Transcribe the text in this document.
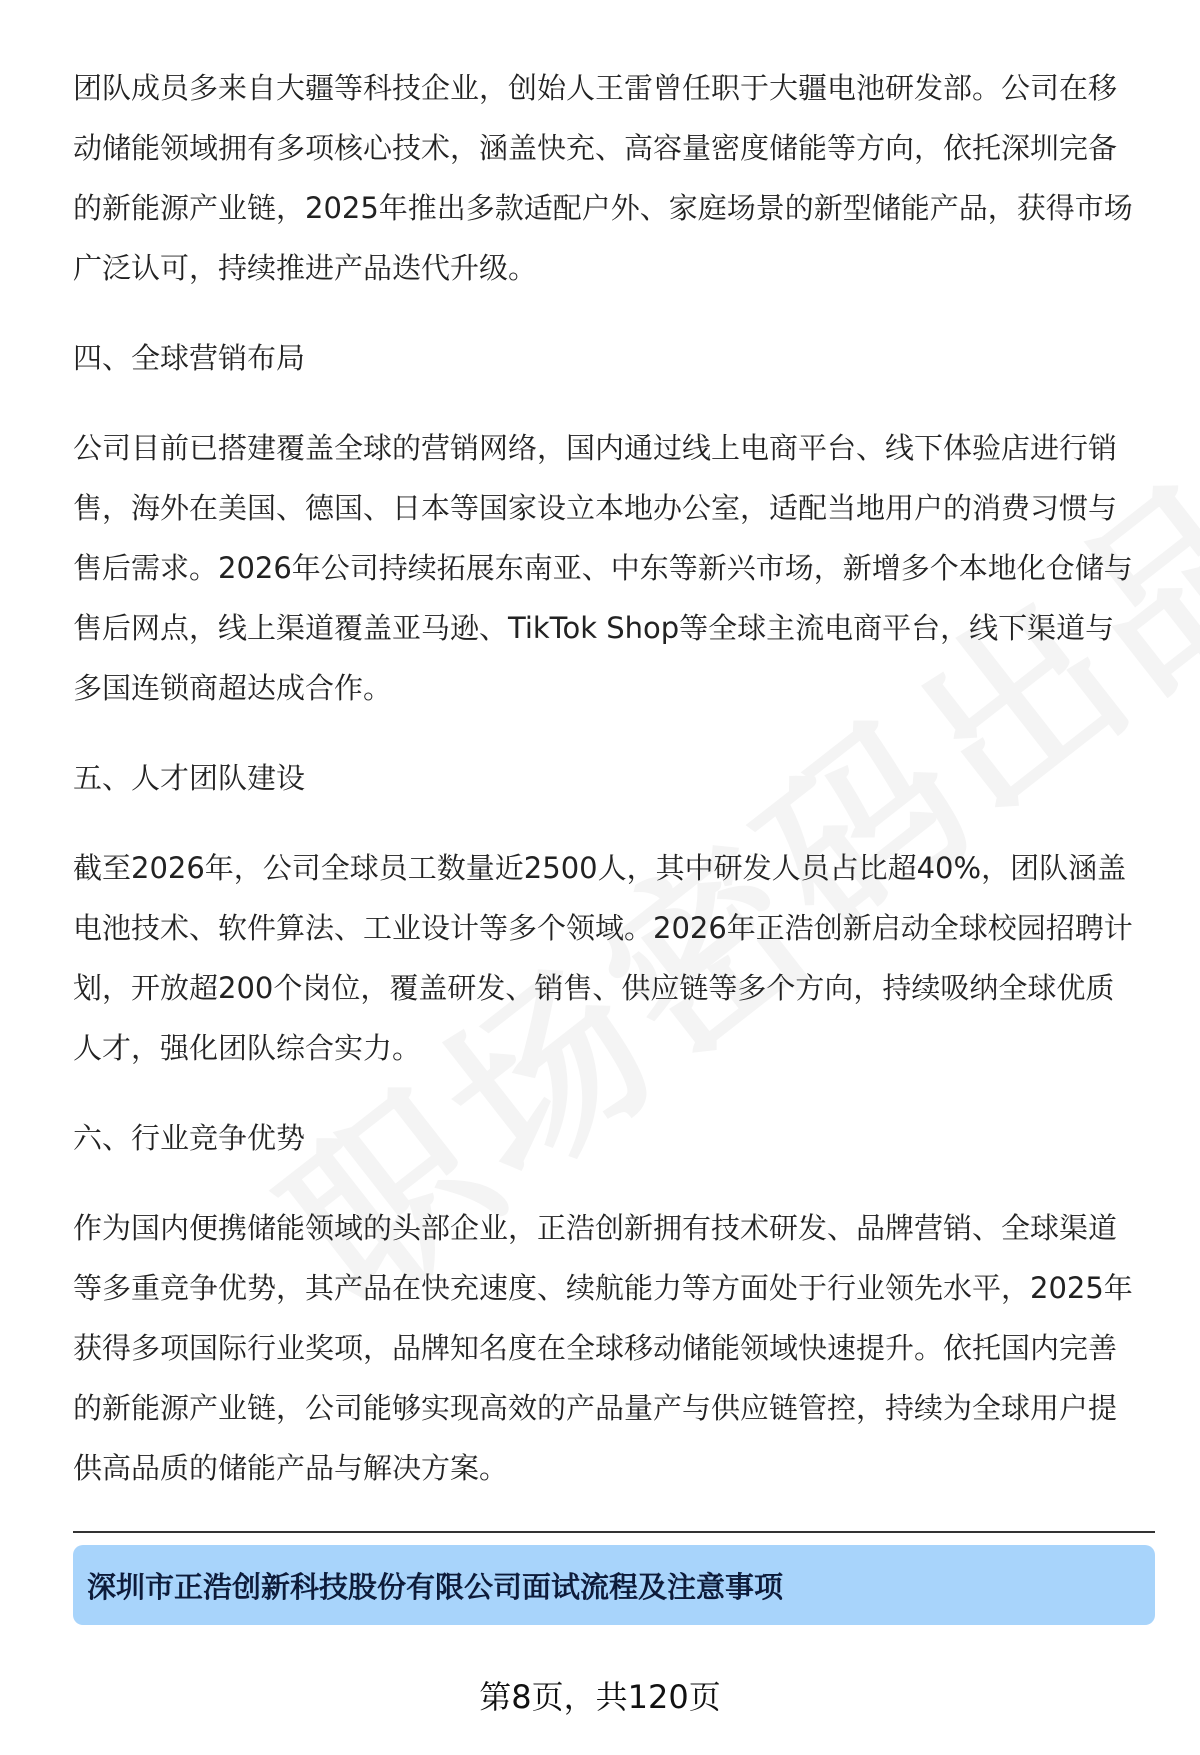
团队成员多来自大疆等科技企业，创始人王雷曾任职于大疆电池研发部。公司在移

动储能领域拥有多项核心技术，涵盖快充、高容量密度储能等方向，依托深圳完备

的新能源产业链，2025年推出多款适配户外、家庭场景的新型储能产品，获得市场

广泛认可，持续推进产品迭代升级。

四、全球营销布局

公司目前已搭建覆盖全球的营销网络，国内通过线上电商平台、线下体验店进行销

售，海外在美国、德国、日本等国家设立本地办公室，适配当地用户的消费习惯与

售后需求。2026年公司持续拓展东南亚、中东等新兴市场，新增多个本地化仓储与

售后网点，线上渠道覆盖亚马逊、TikTok Shop等全球主流电商平台，线下渠道与

多国连锁商超达成合作。

五、人才团队建设

截至2026年，公司全球员工数量近2500人，其中研发人员占比超40%，团队涵盖

电池技术、软件算法、工业设计等多个领域。2026年正浩创新启动全球校园招聘计

划，开放超200个岗位，覆盖研发、销售、供应链等多个方向，持续吸纳全球优质

人才，强化团队综合实力。

六、行业竞争优势

作为国内便携储能领域的头部企业，正浩创新拥有技术研发、品牌营销、全球渠道

等多重竞争优势，其产品在快充速度、续航能力等方面处于行业领先水平，2025年

获得多项国际行业奖项，品牌知名度在全球移动储能领域快速提升。依托国内完善

的新能源产业链，公司能够实现高效的产品量产与供应链管控，持续为全球用户提

供高品质的储能产品与解决方案。

深圳市正浩创新科技股份有限公司面试流程及注意事项
第8页，共120页
